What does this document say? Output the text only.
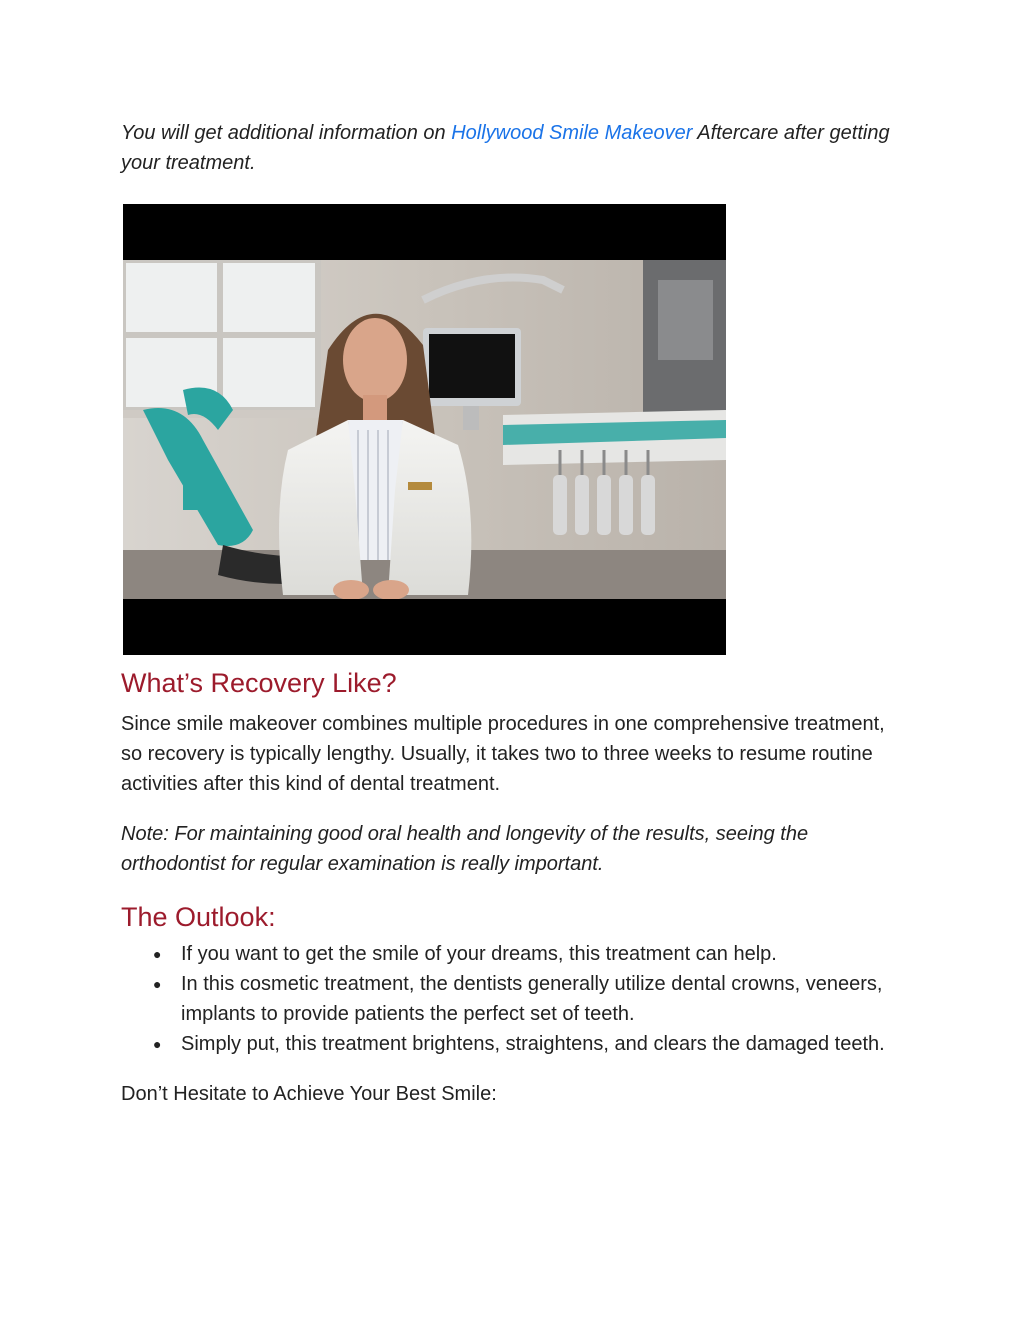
You will get additional information on Hollywood Smile Makeover Aftercare after getting your treatment.

What’s Recovery Like?

Since smile makeover combines multiple procedures in one comprehensive treatment, so recovery is typically lengthy. Usually, it takes two to three weeks to resume routine activities after this kind of dental treatment.

Note: For maintaining good oral health and longevity of the results, seeing the orthodontist for regular examination is really important.

The Outlook:
● If you want to get the smile of your dreams, this treatment can help.
● In this cosmetic treatment, the dentists generally utilize dental crowns, veneers, implants to provide patients the perfect set of teeth.
● Simply put, this treatment brightens, straightens, and clears the damaged teeth.

Don’t Hesitate to Achieve Your Best Smile:
